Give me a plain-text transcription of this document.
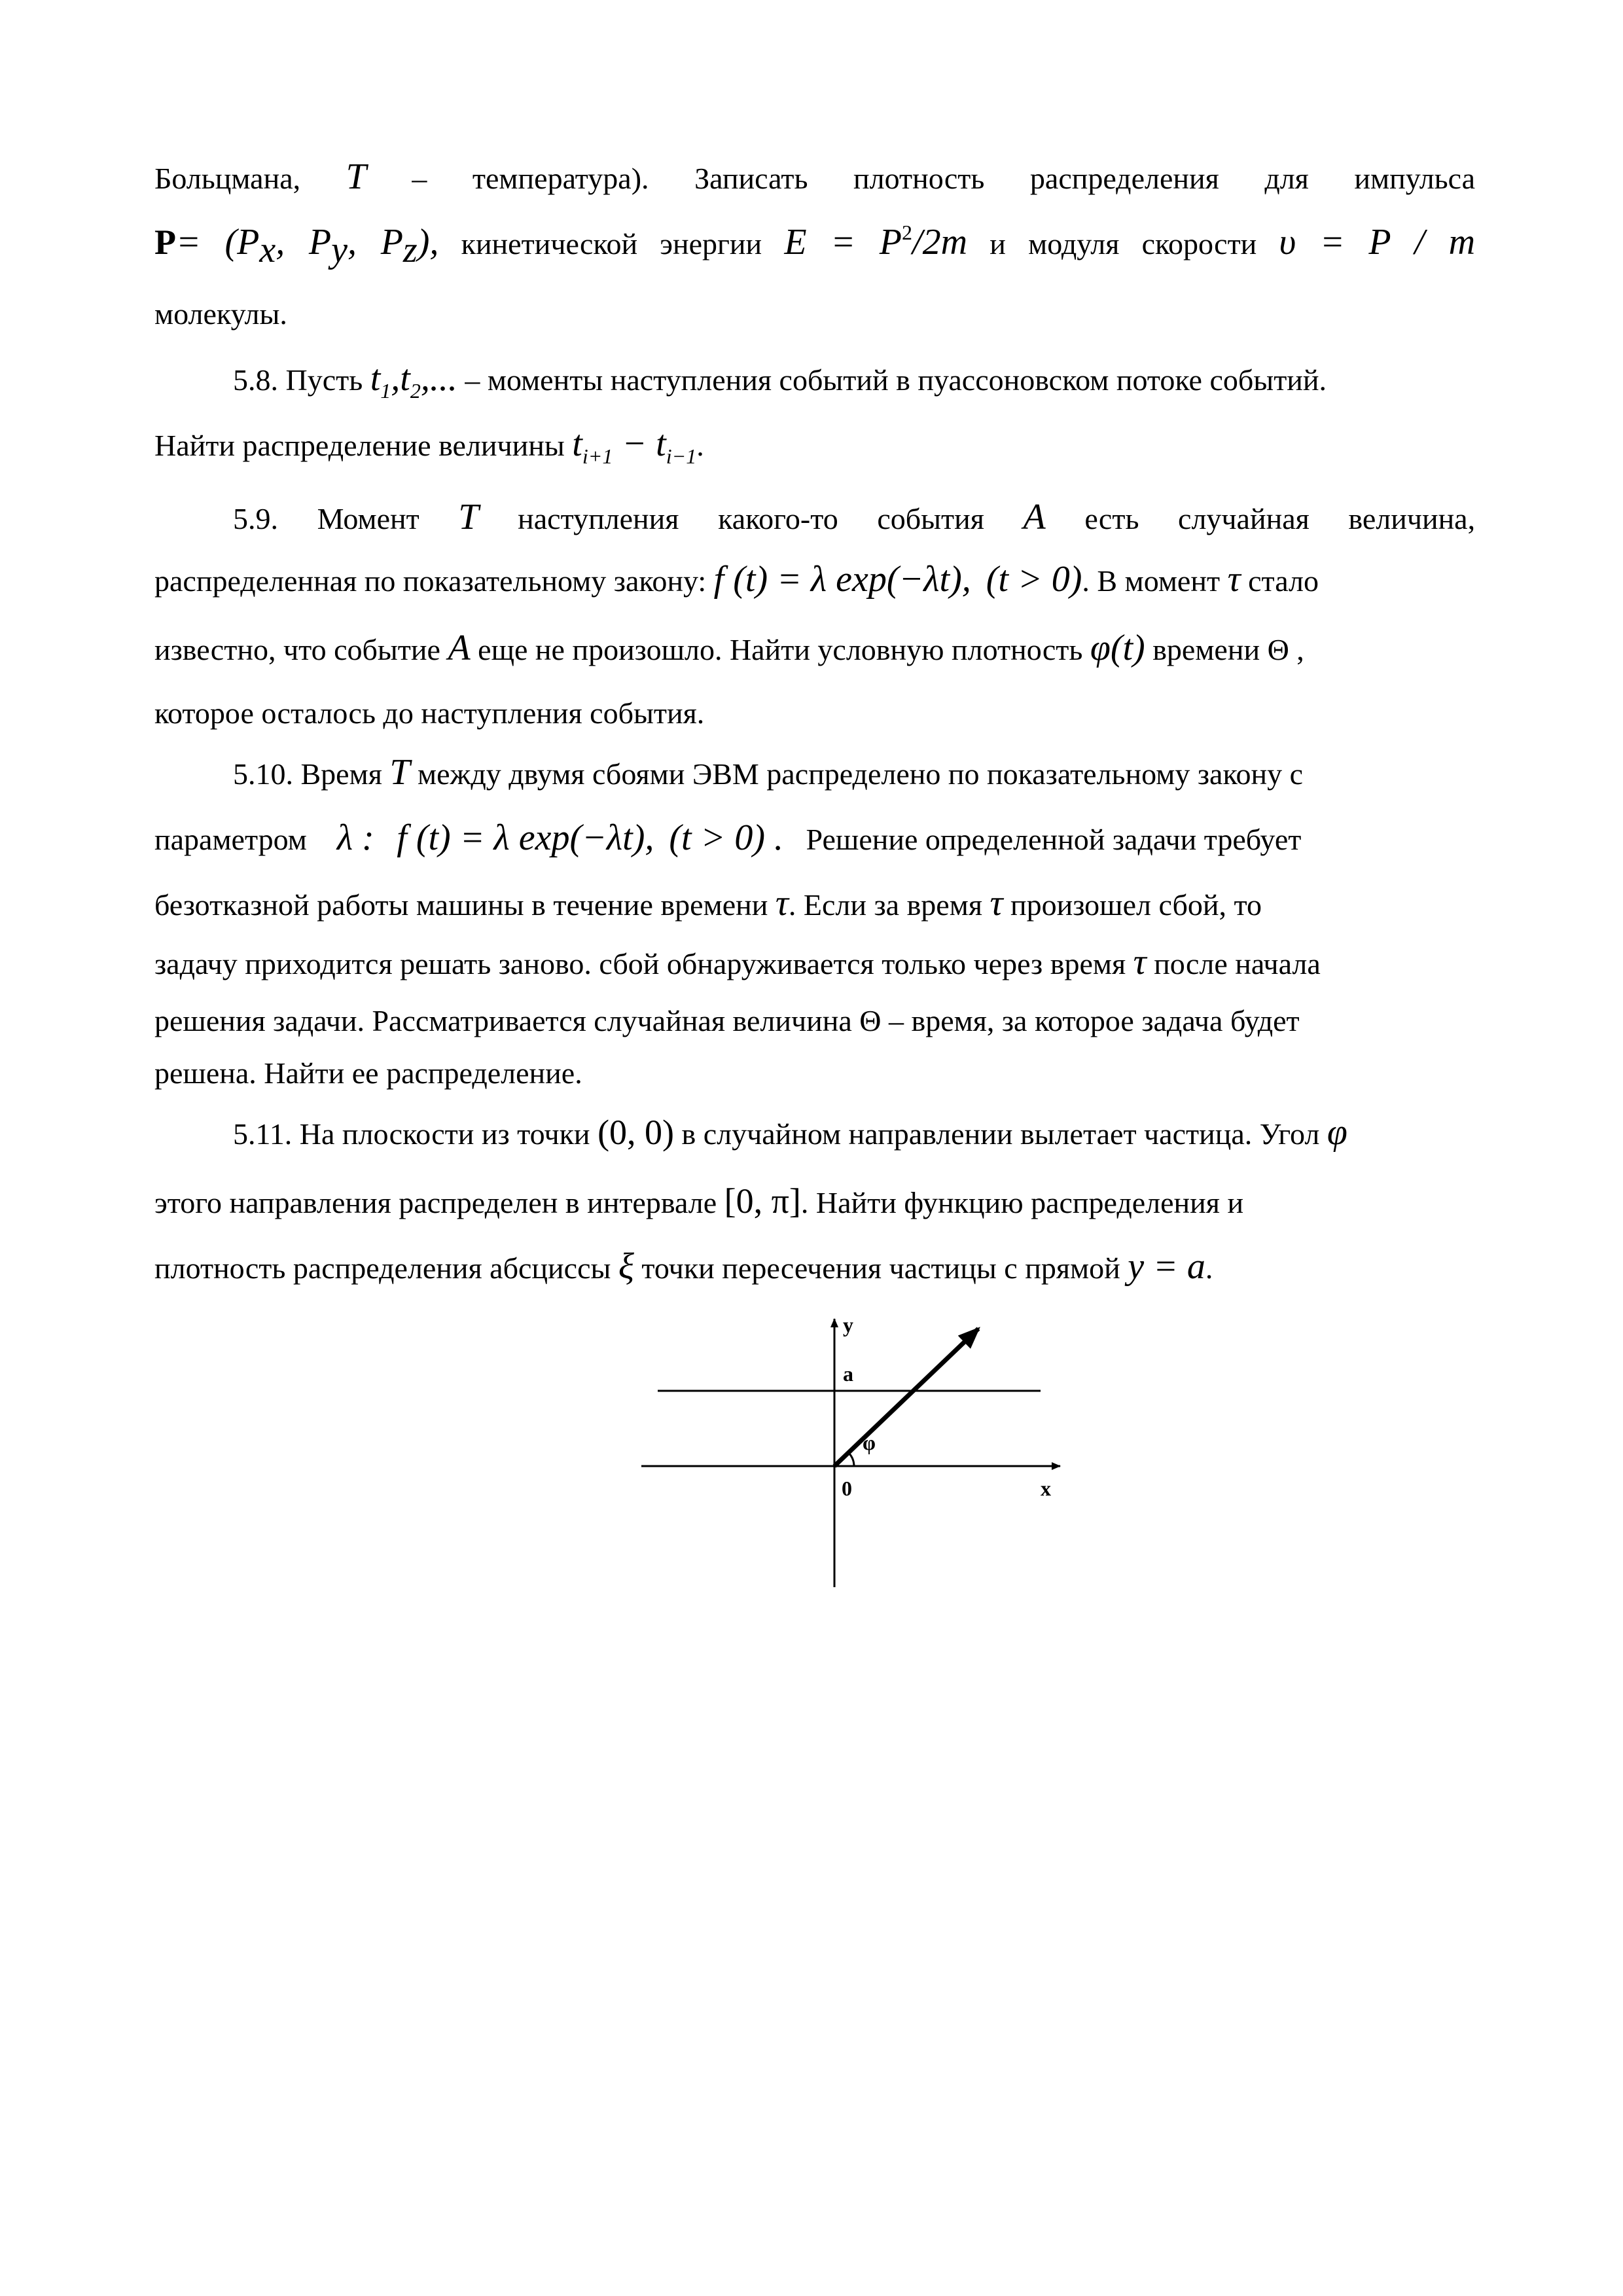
Больцмана, T – температура). Записать плотность распределения для импульса
$P= (P_x$, $P_y$, $P_z$), кинетической энергии $E = P^2/2m$ и модуля скорости υ = P / m
молекулы.
5.8. Пусть $t_1,t_2$,... – моменты наступления событий в пуассоновском потоке событий.
Найти распределение величины $t_{i+1} - t_{i-1}$.
5.9. Момент T наступления какого-то события A есть случайная величина,
распределенная по показательному закону: f (t) = λ exp(−λt), (t > 0). В момент τ стало
известно, что событие A еще не произошло. Найти условную плотность φ(t) времени Θ ,
которое осталось до наступления события.
5.10. Время T между двумя сбоями ЭВМ распределено по показательному закону с
параметром λ : f (t) = λ exp(−λt), (t > 0) . Решение определенной задачи требует
безотказной работы машины в течение времени τ. Если за время τ произошел сбой, то
задачу приходится решать заново. сбой обнаруживается только через время τ после начала
решения задачи. Рассматривается случайная величина Θ – время, за которое задача будет
решена. Найти ее распределение.
5.11. На плоскости из точки (0, 0) в случайном направлении вылетает частица. Угол φ
этого направления распределен в интервале [0, π]. Найти функцию распределения и
плотность распределения абсциссы ξ точки пересечения частицы с прямой y = a.
y
a
φ
0	x
